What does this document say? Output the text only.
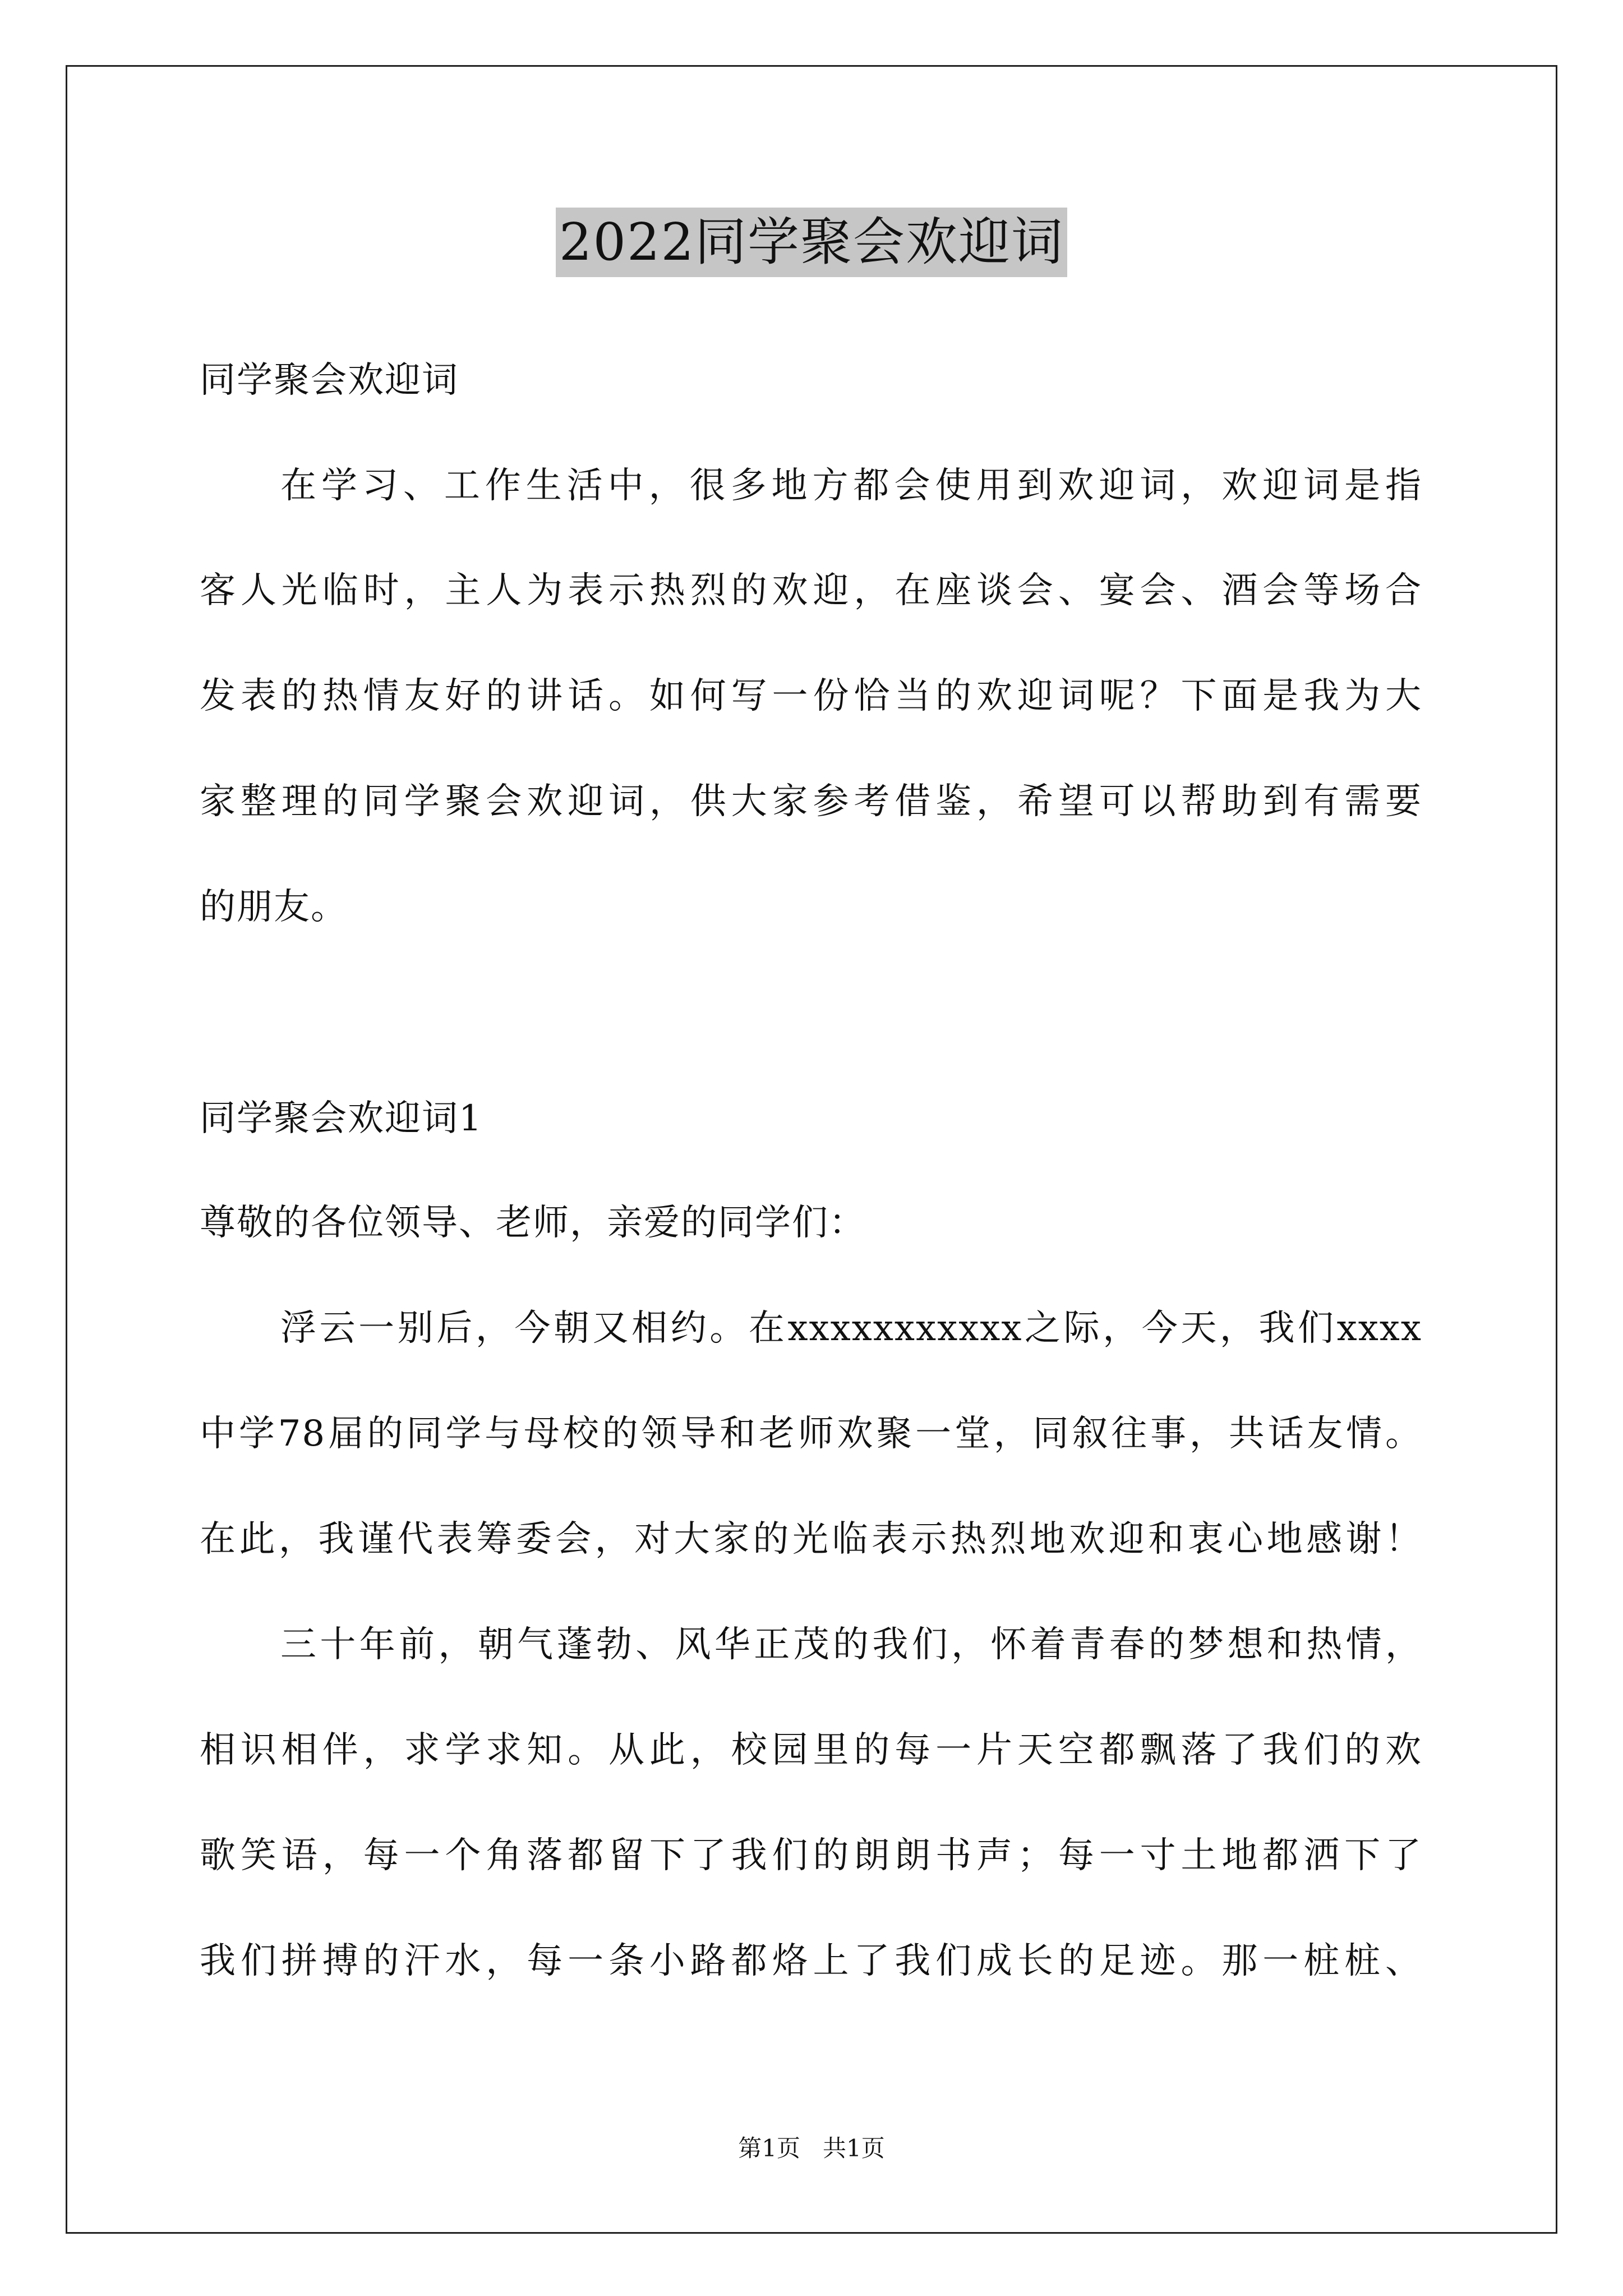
2022同学聚会欢迎词
同学聚会欢迎词
在学习、工作生活中，很多地方都会使用到欢迎词，欢迎词是指
客人光临时，主人为表示热烈的欢迎，在座谈会、宴会、酒会等场合
发表的热情友好的讲话。如何写一份恰当的欢迎词呢？下面是我为大
家整理的同学聚会欢迎词，供大家参考借鉴，希望可以帮助到有需要
的朋友。
同学聚会欢迎词1
尊敬的各位领导、老师，亲爱的同学们：
浮云一别后，今朝又相约。在xxxxxxxxxxx之际，今天，我们xxxx
中学78届的同学与母校的领导和老师欢聚一堂，同叙往事，共话友情。
在此，我谨代表筹委会，对大家的光临表示热烈地欢迎和衷心地感谢！
三十年前，朝气蓬勃、风华正茂的我们，怀着青春的梦想和热情，
相识相伴，求学求知。从此，校园里的每一片天空都飘落了我们的欢
歌笑语，每一个角落都留下了我们的朗朗书声；每一寸土地都洒下了
我们拼搏的汗水，每一条小路都烙上了我们成长的足迹。那一桩桩、
第1页   共1页
